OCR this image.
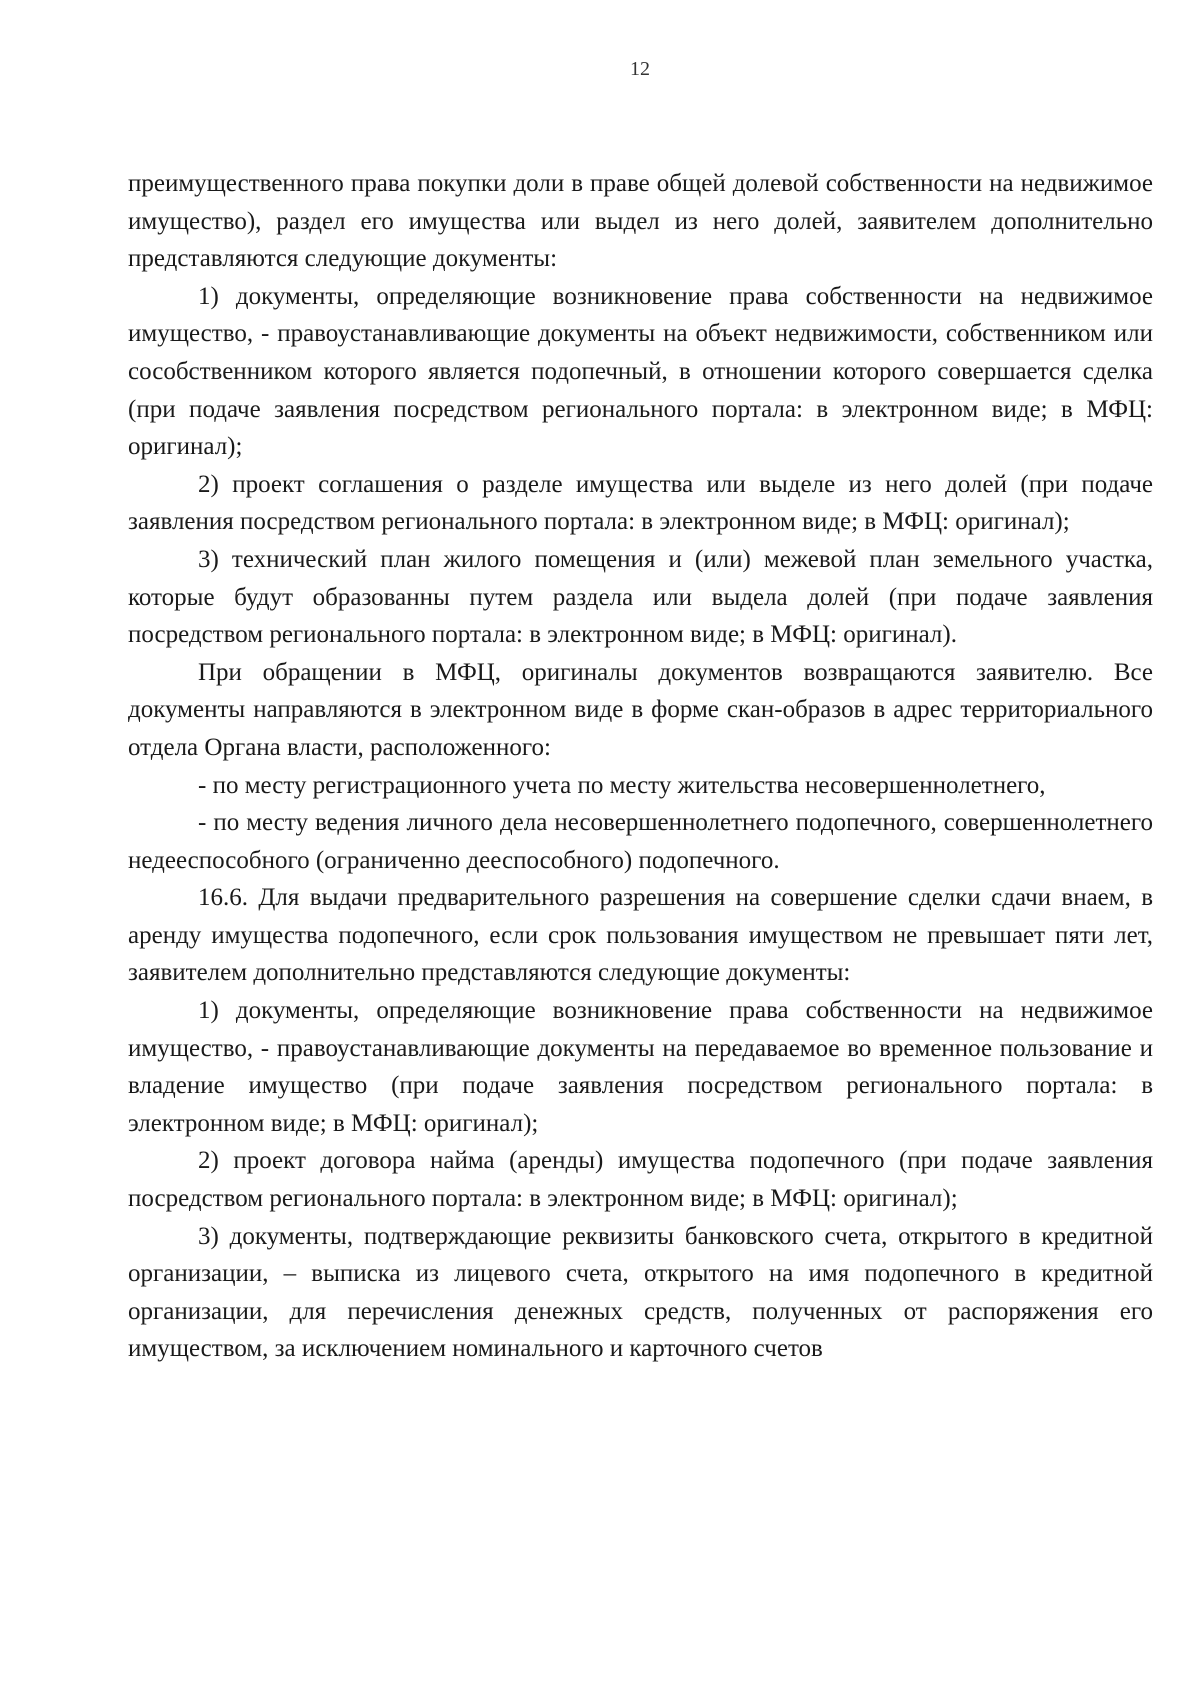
12

преимущественного права покупки доли в праве общей долевой собственности на недвижимое имущество), раздел его имущества или выдел из него долей, заявителем дополнительно представляются следующие документы:

1) документы, определяющие возникновение права собственности на недвижимое имущество, - правоустанавливающие документы на объект недвижимости, собственником или сособственником которого является подопечный, в отношении которого совершается сделка (при подаче заявления посредством регионального портала: в электронном виде; в МФЦ: оригинал);

2) проект соглашения о разделе имущества или выделе из него долей (при подаче заявления посредством регионального портала: в электронном виде; в МФЦ: оригинал);

3) технический план жилого помещения и (или) межевой план земельного участка, которые будут образованны путем раздела или выдела долей (при подаче заявления посредством регионального портала: в электронном виде; в МФЦ: оригинал).

При обращении в МФЦ, оригиналы документов возвращаются заявителю. Все документы направляются в электронном виде в форме скан-образов в адрес территориального отдела Органа власти, расположенного:

- по месту регистрационного учета по месту жительства несовершеннолетнего,

- по месту ведения личного дела несовершеннолетнего подопечного, совершеннолетнего недееспособного (ограниченно дееспособного) подопечного.

16.6. Для выдачи предварительного разрешения на совершение сделки сдачи внаем, в аренду имущества подопечного, если срок пользования имуществом не превышает пяти лет, заявителем дополнительно представляются следующие документы:

1) документы, определяющие возникновение права собственности на недвижимое имущество, - правоустанавливающие документы на передаваемое во временное пользование и владение имущество (при подаче заявления посредством регионального портала: в электронном виде; в МФЦ: оригинал);

2) проект договора найма (аренды) имущества подопечного (при подаче заявления посредством регионального портала: в электронном виде; в МФЦ: оригинал);

3) документы, подтверждающие реквизиты банковского счета, открытого в кредитной организации, – выписка из лицевого счета, открытого на имя подопечного в кредитной организации, для перечисления денежных средств, полученных от распоряжения его имуществом, за исключением номинального и карточного счетов
